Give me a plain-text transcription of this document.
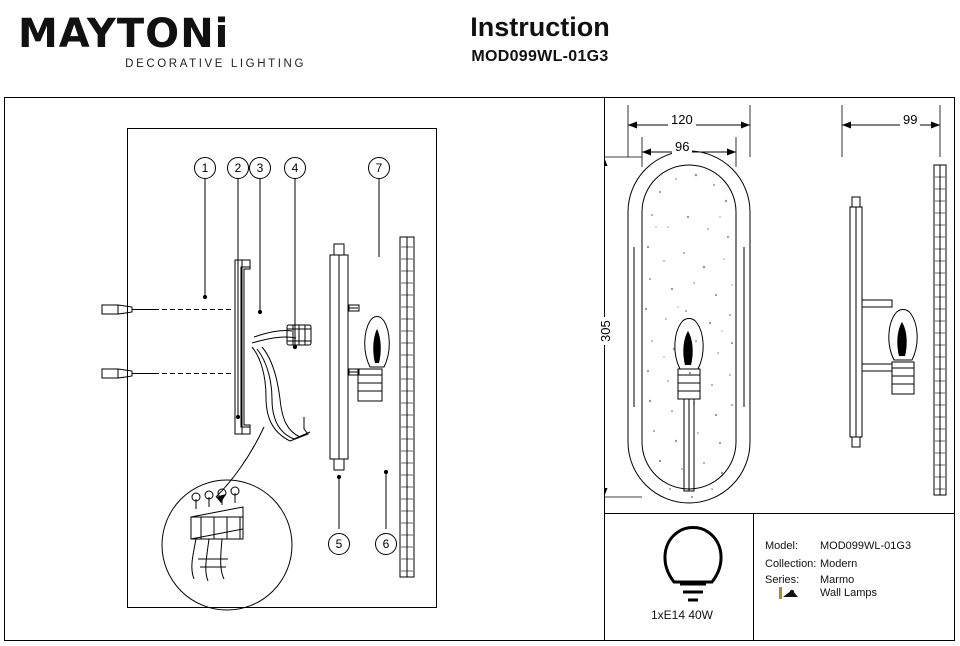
MAYTONi
DECORATIVE LIGHTING
Instruction
MOD099WL-01G3
1	2	3	4	7
5	6
120
96
305
99
1xE14 40W
Model: MOD099WL-01G3
Collection: Modern
Series: Marmo
Wall Lamps
